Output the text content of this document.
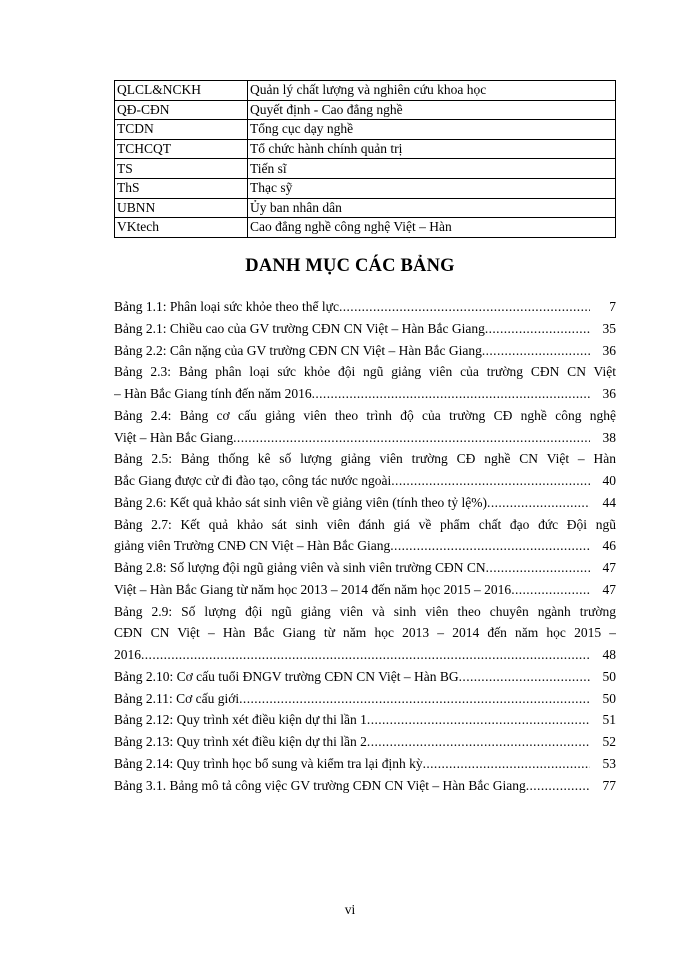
QLCL&NCKH	Quản lý chất lượng và nghiên cứu khoa học
QĐ-CĐN	Quyết định - Cao đẳng nghề
TCDN	Tổng cục dạy nghề
TCHCQT	Tổ chức hành chính quản trị
TS	Tiến sĩ
ThS	Thạc sỹ
UBNN	Ủy ban nhân dân
VKtech	Cao đẳng nghề công nghệ Việt – Hàn
DANH MỤC CÁC BẢNG
Bảng 1.1: Phân loại sức khỏe theo thể lực .....	7
Bảng 2.1: Chiều cao của GV trường CĐN CN Việt – Hàn Bắc Giang .....	35
Bảng 2.2: Cân nặng của GV trường CĐN CN Việt – Hàn Bắc Giang .....	36
Bảng 2.3: Bảng phân loại sức khỏe đội ngũ giảng viên của trường CĐN CN Việt
– Hàn Bắc Giang tính đến năm 2016 .....	36
Bảng 2.4: Bảng cơ cấu giảng viên theo trình độ của trường CĐ nghề công nghệ
Việt – Hàn Bắc Giang .....	38
Bảng 2.5: Bảng thống kê số lượng giảng viên trường CĐ nghề CN Việt – Hàn
Bắc Giang được cử đi đào tạo, công tác nước ngoài .....	40
Bảng 2.6: Kết quả khảo sát sinh viên về giảng viên (tính theo tỷ lệ%) .....	44
Bảng 2.7: Kết quả khảo sát sinh viên đánh giá về phẩm chất đạo đức Đội ngũ
giảng viên Trường CNĐ CN Việt – Hàn Bắc Giang .....	46
Bảng 2.8: Số lượng đội ngũ giảng viên và sinh viên trường CĐN CN .....	47
Việt – Hàn Bắc Giang từ năm học 2013 – 2014 đến năm học 2015 – 2016 .....	47
Bảng 2.9: Số lượng đội ngũ giảng viên và sinh viên theo chuyên ngành trường
CĐN CN Việt – Hàn Bắc Giang từ năm học 2013 – 2014 đến năm học 2015 –
2016 .....	48
Bảng 2.10: Cơ cấu tuổi ĐNGV trường CĐN CN Việt – Hàn BG .....	50
Bảng 2.11: Cơ cấu giới .....	50
Bảng 2.12: Quy trình xét điều kiện dự thi lần 1 .....	51
Bảng 2.13: Quy trình xét điều kiện dự thi lần 2 .....	52
Bảng 2.14: Quy trình học bổ sung và kiểm tra lại định kỳ .....	53
Bảng 3.1. Bảng mô tả công việc GV trường CĐN CN Việt – Hàn Bắc Giang .....	77
vi
